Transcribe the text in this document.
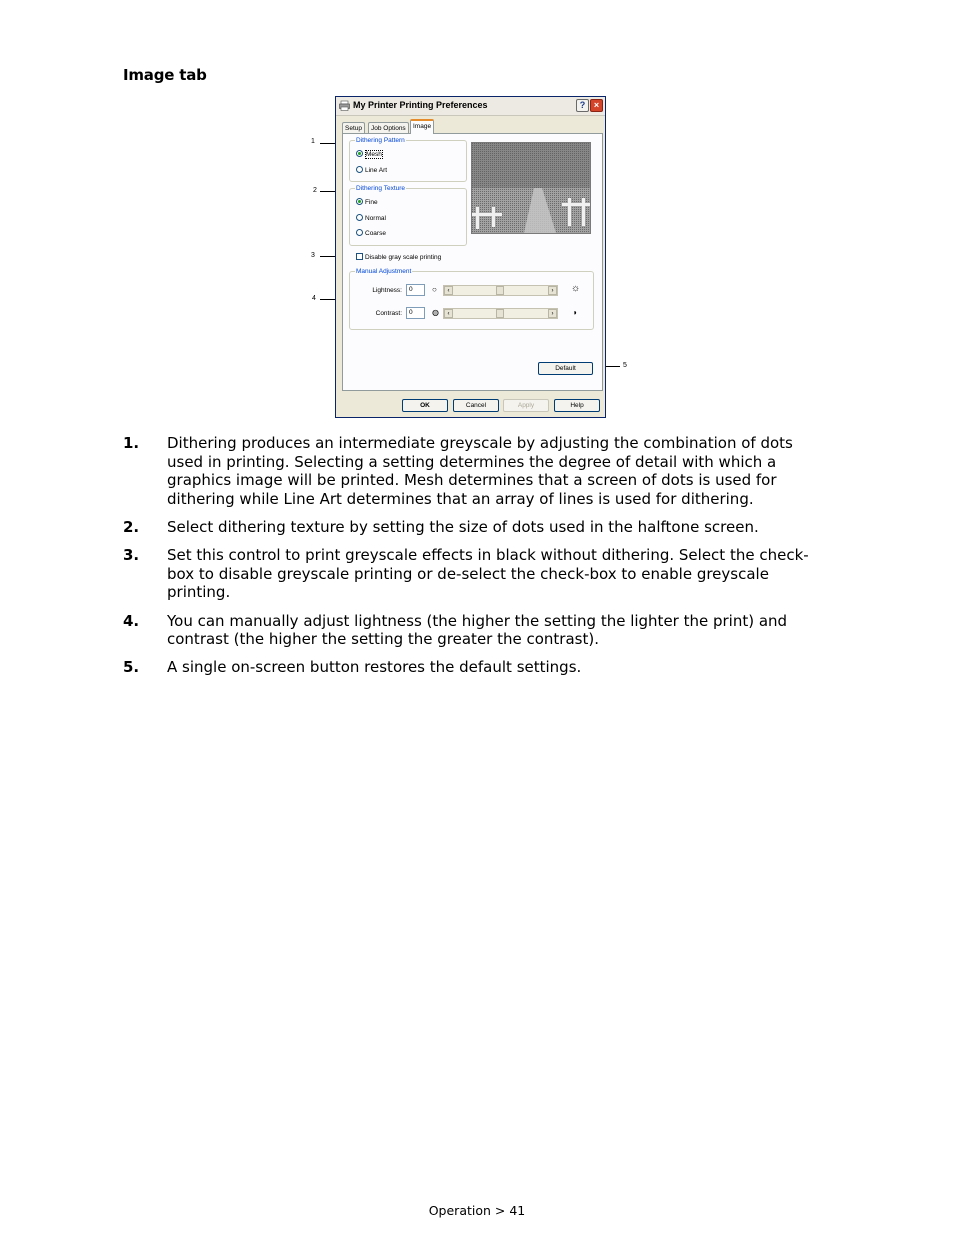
Image tab
1
2
3
4
5
My Printer Printing Preferences	? ×
Setup	Job Options	Image
Dithering Pattern
Mesh
Line Art
Dithering Texture
Fine
Normal
Coarse
Disable gray scale printing
Manual Adjustment
Lightness:	0	○	‹	›	☼
Contrast:	0	◍	‹	›	◑
Default
OK	Cancel	Apply	Help
1. Dithering produces an intermediate greyscale by adjusting the combination of dots used in printing. Selecting a setting determines the degree of detail with which a graphics image will be printed. Mesh determines that a screen of dots is used for dithering while Line Art determines that an array of lines is used for dithering.
2. Select dithering texture by setting the size of dots used in the halftone screen.
3. Set this control to print greyscale effects in black without dithering. Select the check-box to disable greyscale printing or de-select the check-box to enable greyscale printing.
4. You can manually adjust lightness (the higher the setting the lighter the print) and contrast (the higher the setting the greater the contrast).
5. A single on-screen button restores the default settings.
Operation > 41
